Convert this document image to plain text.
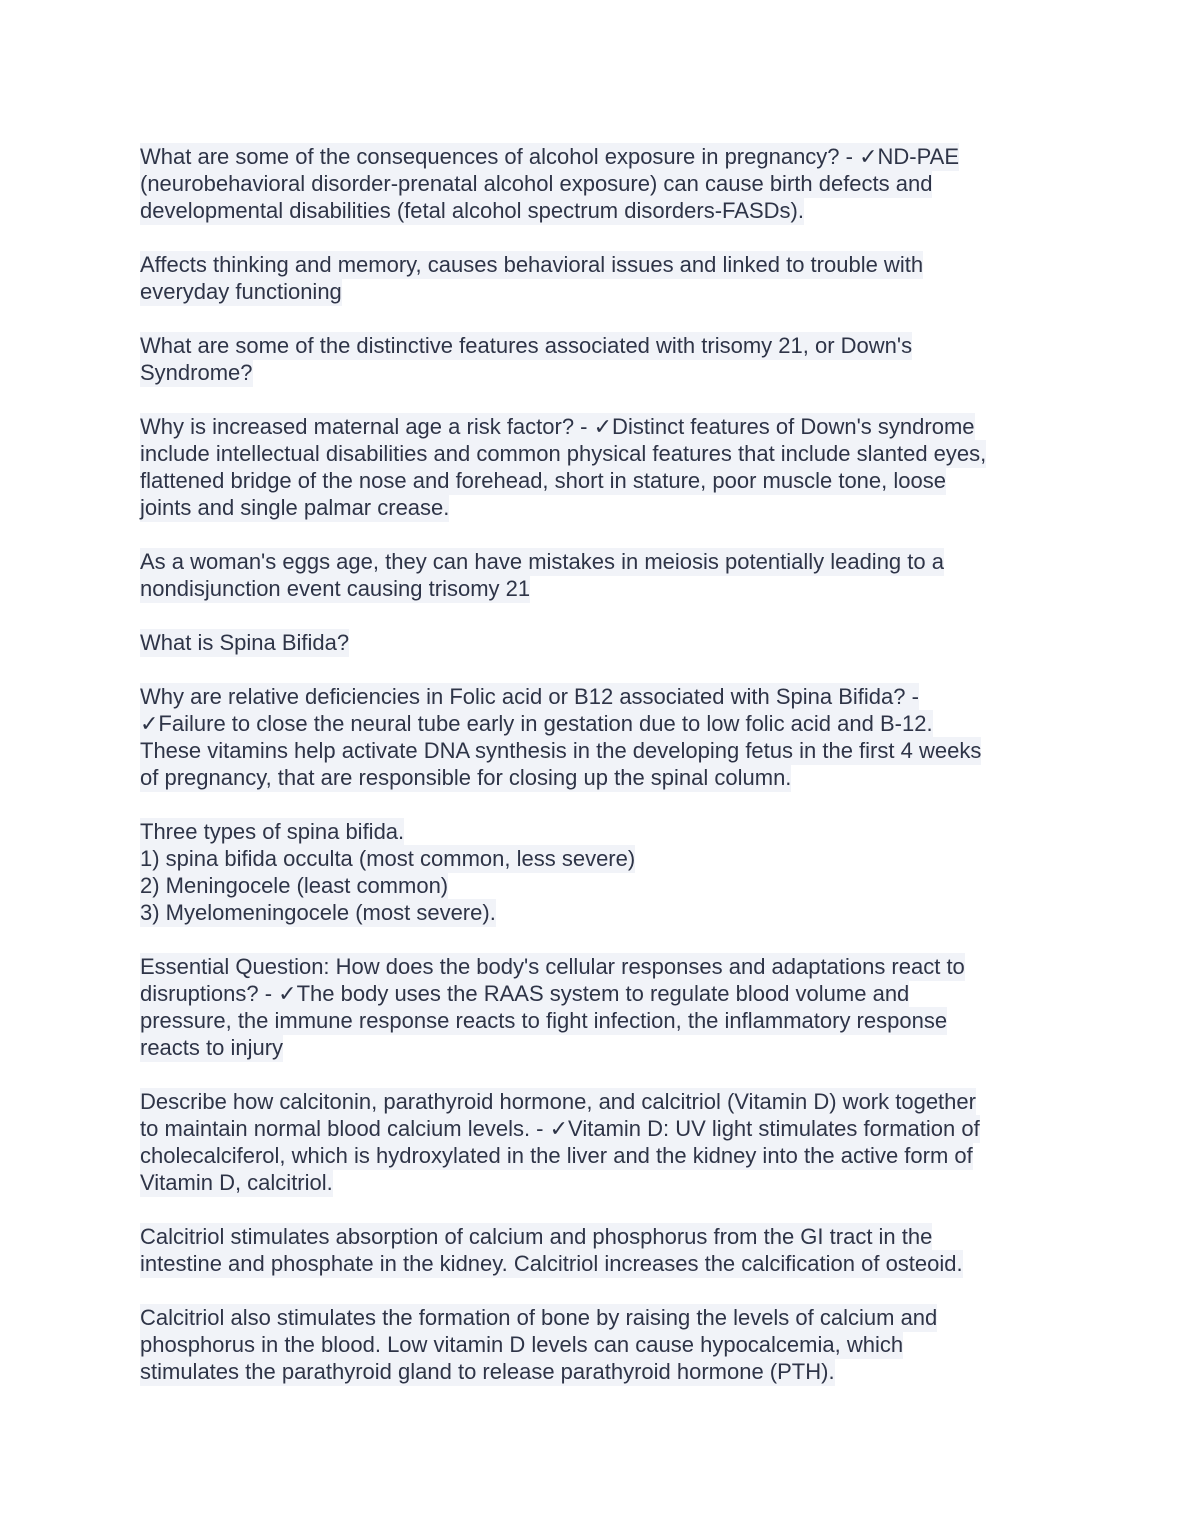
What are some of the consequences of alcohol exposure in pregnancy? - ✓ND-PAE
(neurobehavioral disorder-prenatal alcohol exposure) can cause birth defects and
developmental disabilities (fetal alcohol spectrum disorders-FASDs).
Affects thinking and memory, causes behavioral issues and linked to trouble with
everyday functioning
What are some of the distinctive features associated with trisomy 21, or Down's
Syndrome?
Why is increased maternal age a risk factor? - ✓Distinct features of Down's syndrome
include intellectual disabilities and common physical features that include slanted eyes,
flattened bridge of the nose and forehead, short in stature, poor muscle tone, loose
joints and single palmar crease.
As a woman's eggs age, they can have mistakes in meiosis potentially leading to a
nondisjunction event causing trisomy 21
What is Spina Bifida?
Why are relative deficiencies in Folic acid or B12 associated with Spina Bifida? -
✓Failure to close the neural tube early in gestation due to low folic acid and B-12.
These vitamins help activate DNA synthesis in the developing fetus in the first 4 weeks
of pregnancy, that are responsible for closing up the spinal column.
Three types of spina bifida.
1) spina bifida occulta (most common, less severe)
2) Meningocele (least common)
3) Myelomeningocele (most severe).
Essential Question: How does the body's cellular responses and adaptations react to
disruptions? - ✓The body uses the RAAS system to regulate blood volume and
pressure, the immune response reacts to fight infection, the inflammatory response
reacts to injury
Describe how calcitonin, parathyroid hormone, and calcitriol (Vitamin D) work together
to maintain normal blood calcium levels. - ✓Vitamin D: UV light stimulates formation of
cholecalciferol, which is hydroxylated in the liver and the kidney into the active form of
Vitamin D, calcitriol.
Calcitriol stimulates absorption of calcium and phosphorus from the GI tract in the
intestine and phosphate in the kidney. Calcitriol increases the calcification of osteoid.
Calcitriol also stimulates the formation of bone by raising the levels of calcium and
phosphorus in the blood. Low vitamin D levels can cause hypocalcemia, which
stimulates the parathyroid gland to release parathyroid hormone (PTH).
